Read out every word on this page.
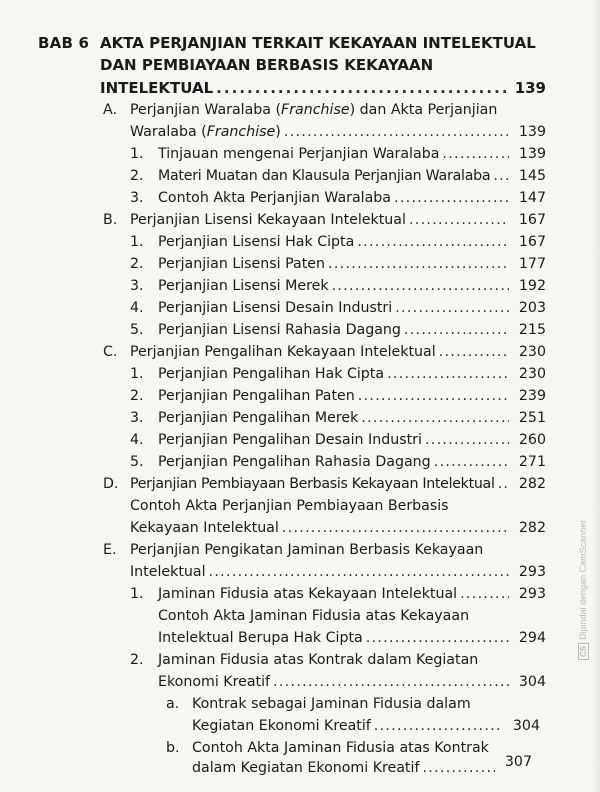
BAB 6 AKTA PERJANJIAN TERKAIT KEKAYAAN INTELEKTUAL
DAN PEMBIAYAAN BERBASIS KEKAYAAN
INTELEKTUAL . . .	139
A. Perjanjian Waralaba (Franchise) dan Akta Perjanjian
Waralaba (Franchise) . . .	139
1. Tinjauan mengenai Perjanjian Waralaba . . .	139
2. Materi Muatan dan Klausula Perjanjian Waralaba . . .	145
3. Contoh Akta Perjanjian Waralaba . . .	147
B. Perjanjian Lisensi Kekayaan Intelektual . . .	167
1. Perjanjian Lisensi Hak Cipta . . .	167
2. Perjanjian Lisensi Paten . . .	177
3. Perjanjian Lisensi Merek . . .	192
4. Perjanjian Lisensi Desain Industri . . .	203
5. Perjanjian Lisensi Rahasia Dagang . . .	215
C. Perjanjian Pengalihan Kekayaan Intelektual . . .	230
1. Perjanjian Pengalihan Hak Cipta . . .	230
2. Perjanjian Pengalihan Paten . . .	239
3. Perjanjian Pengalihan Merek . . .	251
4. Perjanjian Pengalihan Desain Industri . . .	260
5. Perjanjian Pengalihan Rahasia Dagang . . .	271
D. Perjanjian Pembiayaan Berbasis Kekayaan Intelektual . . .	282
Contoh Akta Perjanjian Pembiayaan Berbasis
Kekayaan Intelektual . . .	282
E. Perjanjian Pengikatan Jaminan Berbasis Kekayaan
Intelektual . . .	293
1. Jaminan Fidusia atas Kekayaan Intelektual . . .	293
Contoh Akta Jaminan Fidusia atas Kekayaan
Intelektual Berupa Hak Cipta . . .	294
2. Jaminan Fidusia atas Kontrak dalam Kegiatan
Ekonomi Kreatif . . .	304
a. Kontrak sebagai Jaminan Fidusia dalam
Kegiatan Ekonomi Kreatif . . .	304
b. Contoh Akta Jaminan Fidusia atas Kontrak
dalam Kegiatan Ekonomi Kreatif . . .	307
CSDipindai dengan CamScanner
